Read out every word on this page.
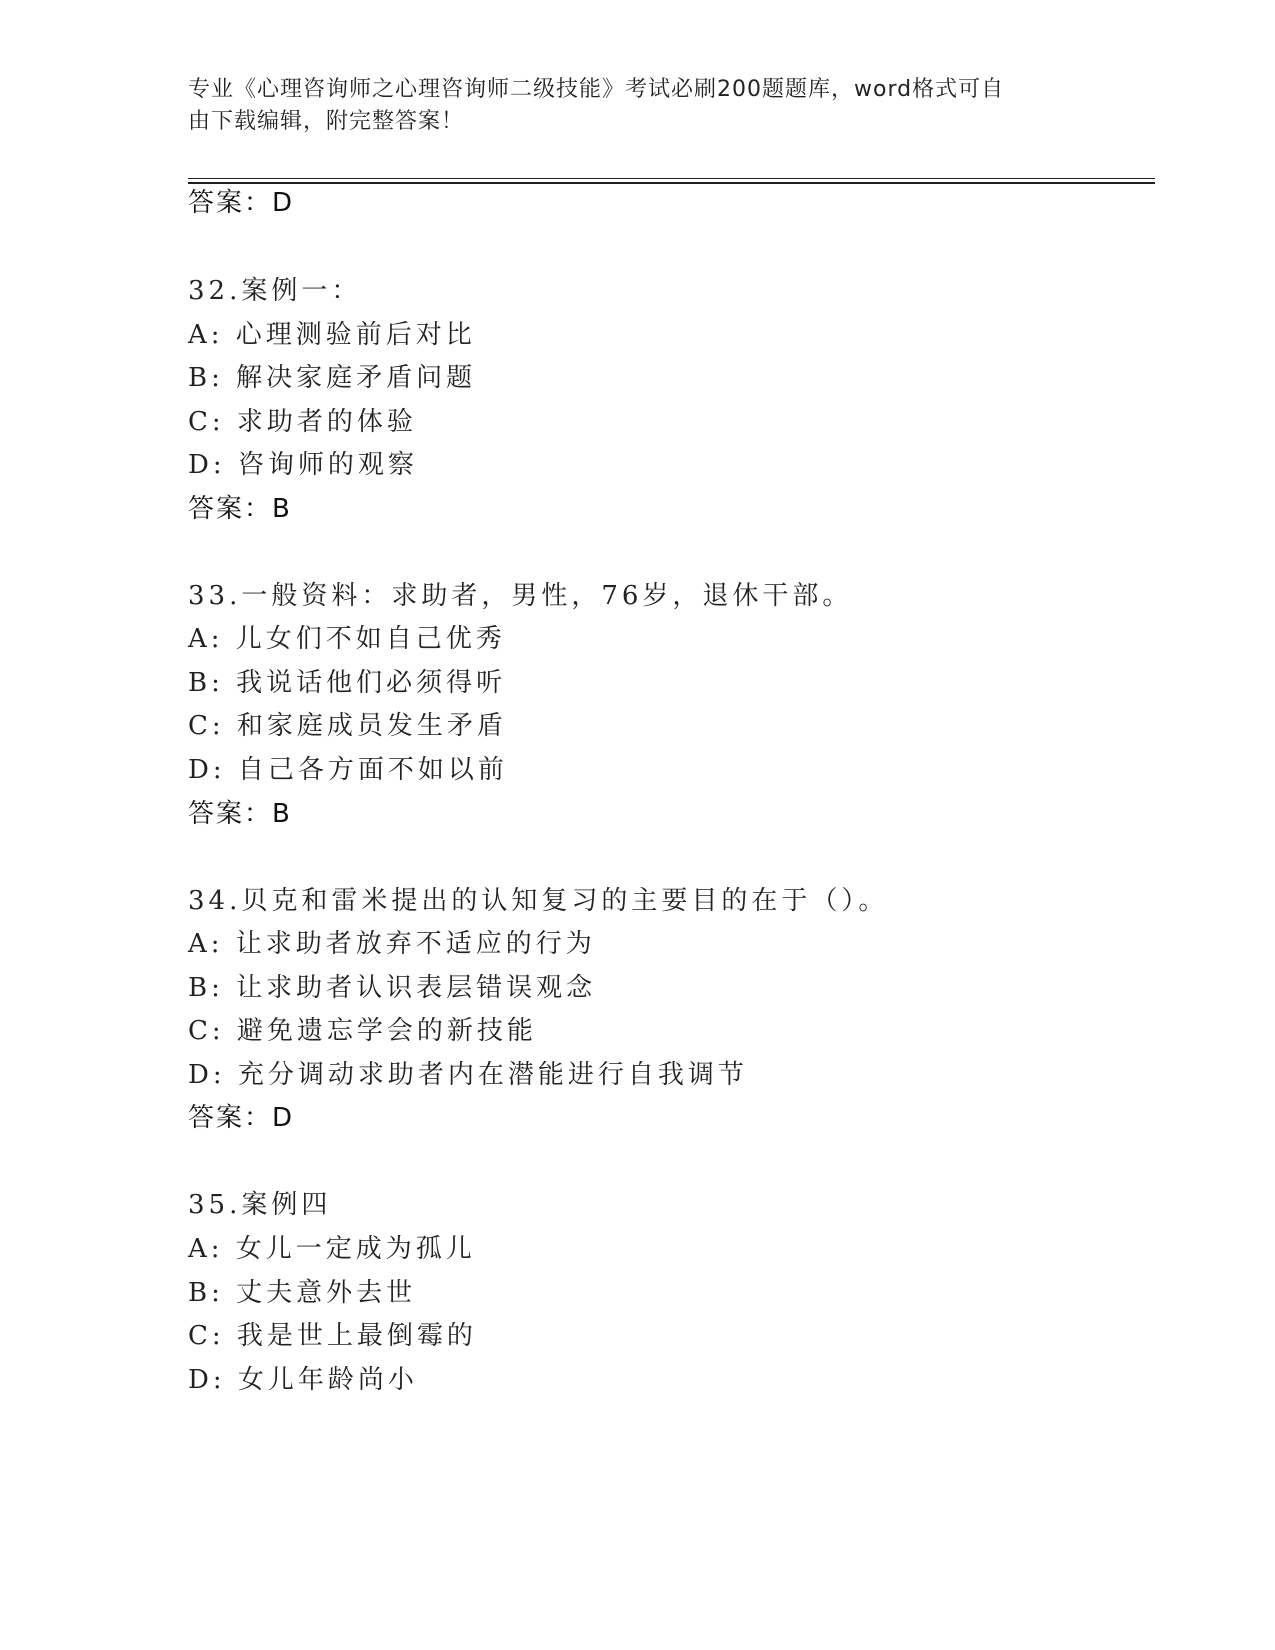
专业《心理咨询师之心理咨询师二级技能》考试必刷200题题库，word格式可自
由下载编辑，附完整答案！
答案：D
32.案例一：
A: 心理测验前后对比
B: 解决家庭矛盾问题
C: 求助者的体验
D: 咨询师的观察
答案：B
33.一般资料：求助者，男性，76岁，退休干部。
A: 儿女们不如自己优秀
B: 我说话他们必须得听
C: 和家庭成员发生矛盾
D: 自己各方面不如以前
答案：B
34.贝克和雷米提出的认知复习的主要目的在于（）。
A: 让求助者放弃不适应的行为
B: 让求助者认识表层错误观念
C: 避免遗忘学会的新技能
D: 充分调动求助者内在潜能进行自我调节
答案：D
35.案例四
A: 女儿一定成为孤儿
B: 丈夫意外去世
C: 我是世上最倒霉的
D: 女儿年龄尚小
